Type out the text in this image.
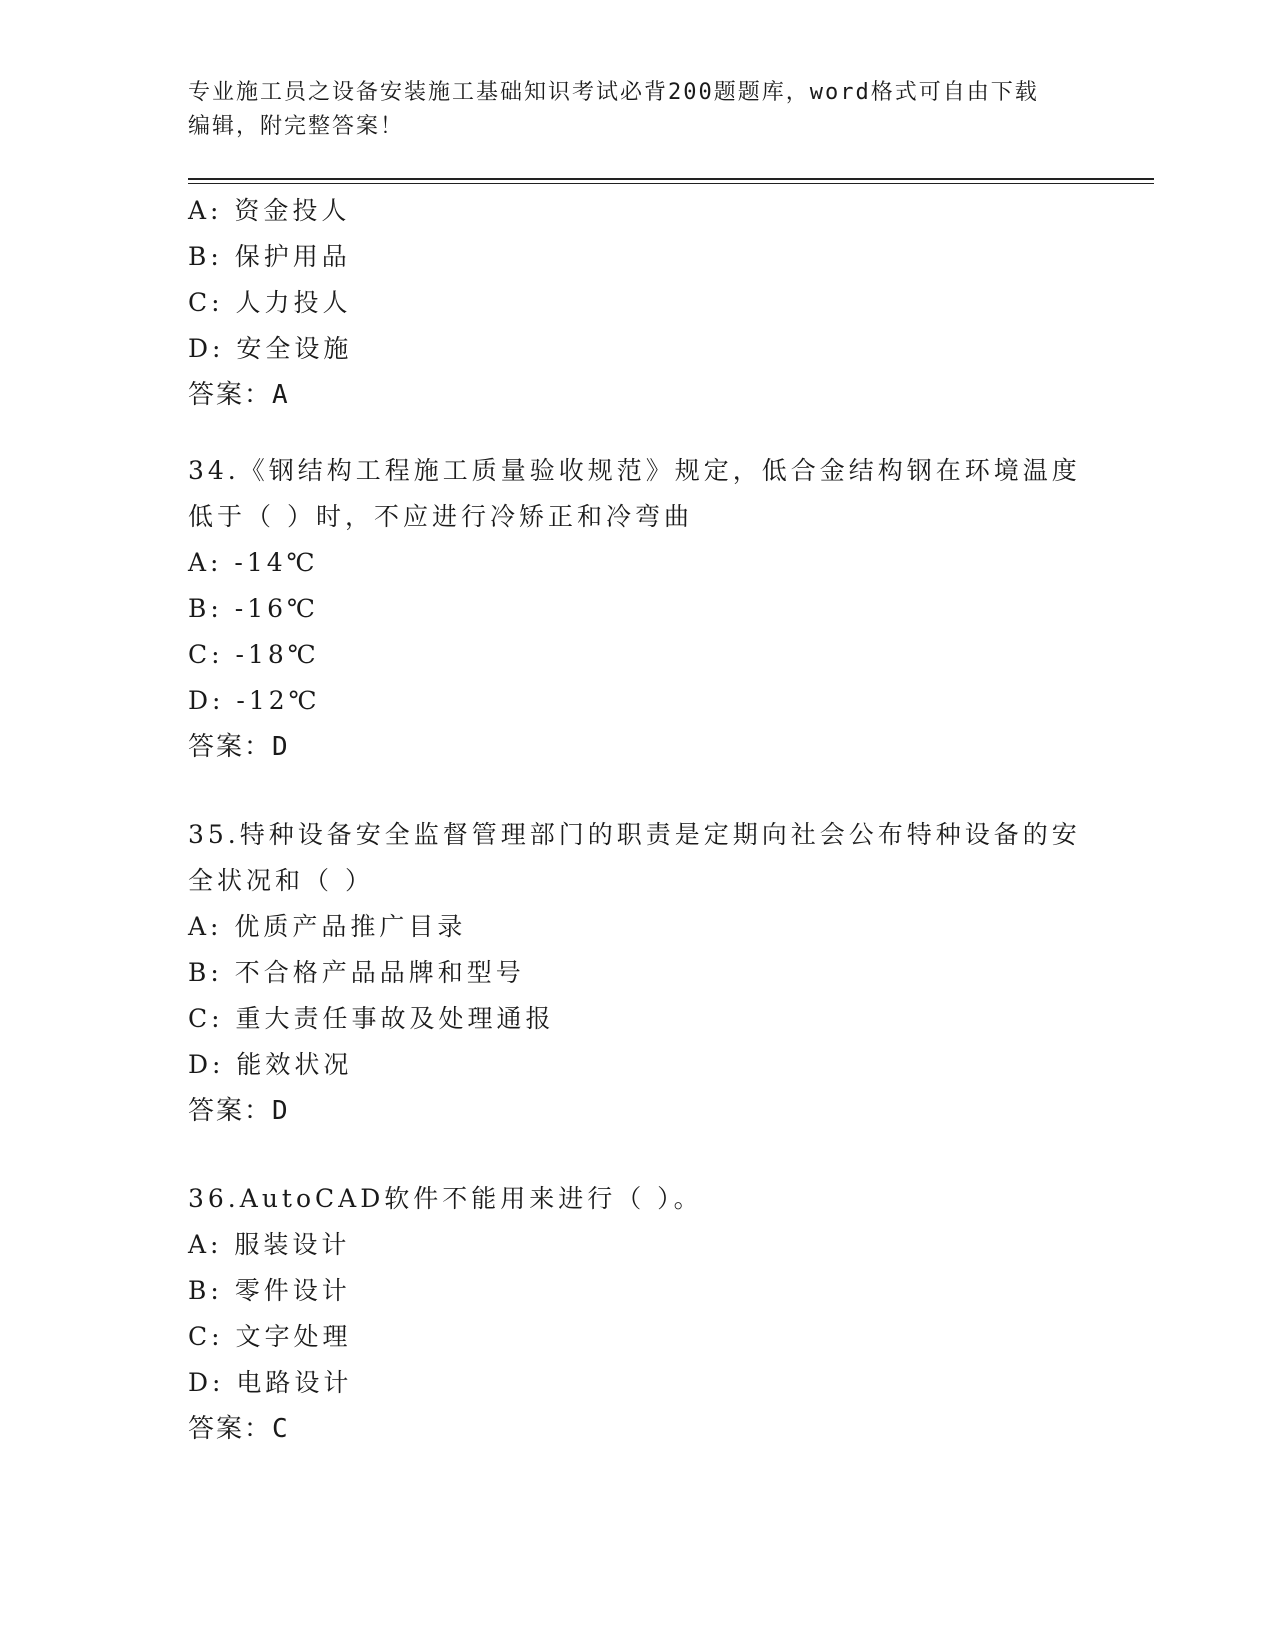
专业施工员之设备安装施工基础知识考试必背200题题库，word格式可自由下载
编辑，附完整答案！
A: 资金投人
B: 保护用品
C: 人力投人
D: 安全设施
答案：A
34.《钢结构工程施工质量验收规范》规定，低合金结构钢在环境温度
低于（ ）时，不应进行冷矫正和冷弯曲
A: -14℃
B: -16℃
C: -18℃
D: -12℃
答案：D
35.特种设备安全监督管理部门的职责是定期向社会公布特种设备的安
全状况和（ ）
A: 优质产品推广目录
B: 不合格产品品牌和型号
C: 重大责任事故及处理通报
D: 能效状况
答案：D
36.AutoCAD软件不能用来进行（ ）。
A: 服装设计
B: 零件设计
C: 文字处理
D: 电路设计
答案：C
